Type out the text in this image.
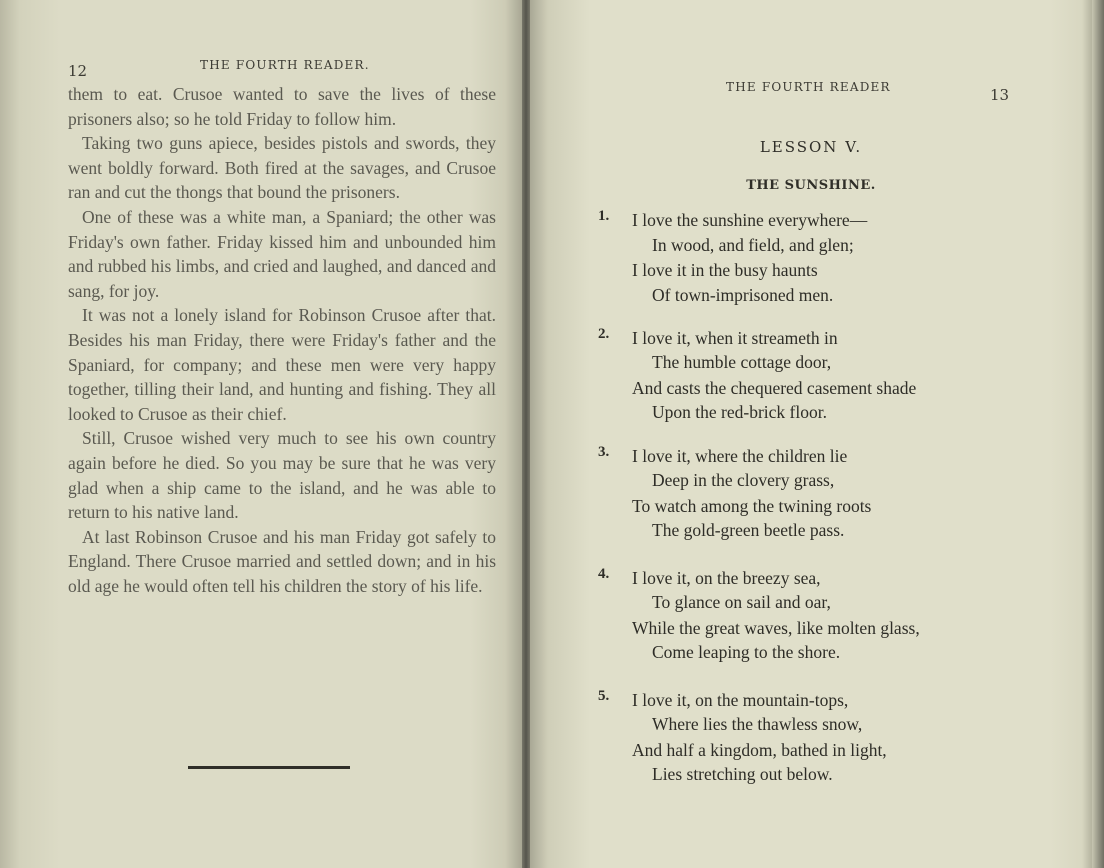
12	THE FOURTH READER.

them to eat. Crusoe wanted to save the lives of these prisoners also; so he told Friday to follow him.

Taking two guns apiece, besides pistols and swords, they went boldly forward. Both fired at the savages, and Crusoe ran and cut the thongs that bound the prisoners.

One of these was a white man, a Spaniard; the other was Friday's own father. Friday kissed him and unbounded him and rubbed his limbs, and cried and laughed, and danced and sang, for joy.

It was not a lonely island for Robinson Crusoe after that. Besides his man Friday, there were Friday's father and the Spaniard, for company; and these men were very happy together, tilling their land, and hunting and fishing. They all looked to Crusoe as their chief.

Still, Crusoe wished very much to see his own country again before he died. So you may be sure that he was very glad when a ship came to the island, and he was able to return to his native land.

At last Robinson Crusoe and his man Friday got safely to England. There Crusoe married and settled down; and in his old age he would often tell his children the story of his life.

THE FOURTH READER	13
LESSON V.
THE SUNSHINE.
1. I love the sunshine everywhere—
In wood, and field, and glen;
I love it in the busy haunts
Of town-imprisoned men.
2. I love it, when it streameth in
The humble cottage door,
And casts the chequered casement shade
Upon the red-brick floor.
3. I love it, where the children lie
Deep in the clovery grass,
To watch among the twining roots
The gold-green beetle pass.
4. I love it, on the breezy sea,
To glance on sail and oar,
While the great waves, like molten glass,
Come leaping to the shore.
5. I love it, on the mountain-tops,
Where lies the thawless snow,
And half a kingdom, bathed in light,
Lies stretching out below.
